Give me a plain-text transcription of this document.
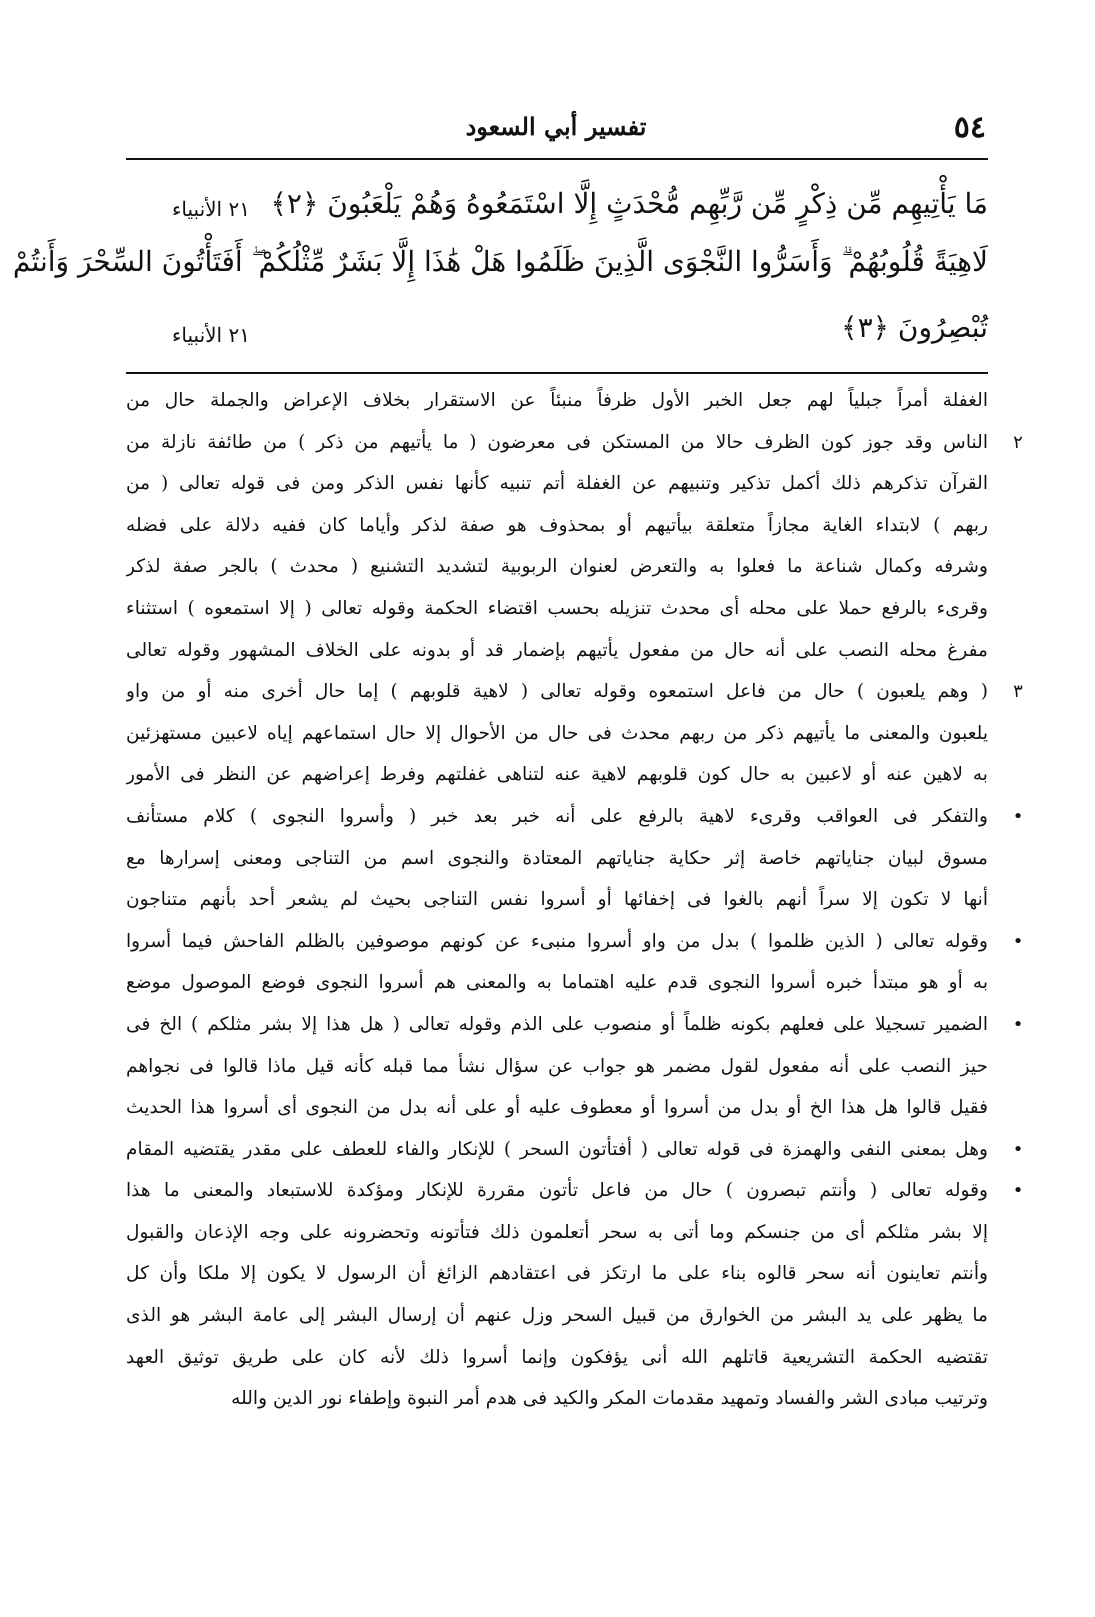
٥٤
تفسير أبي السعود
مَا يَأْتِيهِم مِّن ذِكْرٍ مِّن رَّبِّهِم مُّحْدَثٍ إِلَّا اسْتَمَعُوهُ وَهُمْ يَلْعَبُونَ ﴿٢﴾
٢١ الأنبياء
لَاهِيَةً قُلُوبُهُمْ ۗ وَأَسَرُّوا النَّجْوَى الَّذِينَ ظَلَمُوا هَلْ هَٰذَا إِلَّا بَشَرٌ مِّثْلُكُمْ ۖ أَفَتَأْتُونَ السِّحْرَ وَأَنتُمْ
تُبْصِرُونَ ﴿٣﴾
٢١ الأنبياء
الغفلة أمراً جبلياً لهم جعل الخبر الأول ظرفاً منبئاً عن الاستقرار بخلاف الإعراض والجملة حال من
الناس وقد جوز كون الظرف حالا من المستكن فى معرضون ( ما يأتيهم من ذكر ) من طائفة نازلة من
القرآن تذكرهم ذلك أكمل تذكير وتنبيهم عن الغفلة أتم تنبيه كأنها نفس الذكر ومن فى قوله تعالى ( من
ربهم ) لابتداء الغاية مجازاً متعلقة بيأتيهم أو بمحذوف هو صفة لذكر وأياما كان ففيه دلالة على فضله
وشرفه وكمال شناعة ما فعلوا به والتعرض لعنوان الربوبية لتشديد التشنيع ( محدث ) بالجر صفة لذكر
وقرىء بالرفع حملا على محله أى محدث تنزيله بحسب اقتضاء الحكمة وقوله تعالى ( إلا استمعوه ) استثناء
مفرغ محله النصب على أنه حال من مفعول يأتيهم بإضمار قد أو بدونه على الخلاف المشهور وقوله تعالى
( وهم يلعبون ) حال من فاعل استمعوه وقوله تعالى ( لاهية قلوبهم ) إما حال أخرى منه أو من واو
يلعبون والمعنى ما يأتيهم ذكر من ربهم محدث فى حال من الأحوال إلا حال استماعهم إياه لاعبين مستهزئين
به لاهين عنه أو لاعبين به حال كون قلوبهم لاهية عنه لتناهى غفلتهم وفرط إعراضهم عن النظر فى الأمور
والتفكر فى العواقب وقرىء لاهية بالرفع على أنه خبر بعد خبر ( وأسروا النجوى ) كلام مستأنف
مسوق لبيان جناياتهم خاصة إثر حكاية جناياتهم المعتادة والنجوى اسم من التناجى ومعنى إسرارها مع
أنها لا تكون إلا سراً أنهم بالغوا فى إخفائها أو أسروا نفس التناجى بحيث لم يشعر أحد بأنهم متناجون
وقوله تعالى ( الذين ظلموا ) بدل من واو أسروا منبىء عن كونهم موصوفين بالظلم الفاحش فيما أسروا
به أو هو مبتدأ خبره أسروا النجوى قدم عليه اهتماما به والمعنى هم أسروا النجوى فوضع الموصول موضع
الضمير تسجيلا على فعلهم بكونه ظلماً أو منصوب على الذم وقوله تعالى ( هل هذا إلا بشر مثلكم ) الخ فى
حيز النصب على أنه مفعول لقول مضمر هو جواب عن سؤال نشأ مما قبله كأنه قيل ماذا قالوا فى نجواهم
فقيل قالوا هل هذا الخ أو بدل من أسروا أو معطوف عليه أو على أنه بدل من النجوى أى أسروا هذا الحديث
وهل بمعنى النفى والهمزة فى قوله تعالى ( أفتأتون السحر ) للإنكار والفاء للعطف على مقدر يقتضيه المقام
وقوله تعالى ( وأنتم تبصرون ) حال من فاعل تأتون مقررة للإنكار ومؤكدة للاستبعاد والمعنى ما هذا
إلا بشر مثلكم أى من جنسكم وما أتى به سحر أتعلمون ذلك فتأتونه وتحضرونه على وجه الإذعان والقبول
وأنتم تعاينون أنه سحر قالوه بناء على ما ارتكز فى اعتقادهم الزائغ أن الرسول لا يكون إلا ملكا وأن كل
ما يظهر على يد البشر من الخوارق من قبيل السحر وزل عنهم أن إرسال البشر إلى عامة البشر هو الذى
تقتضيه الحكمة التشريعية قاتلهم الله أنى يؤفكون وإنما أسروا ذلك لأنه كان على طريق توثيق العهد
وترتيب مبادى الشر والفساد وتمهيد مقدمات المكر والكيد فى هدم أمر النبوة وإطفاء نور الدين والله
٢
٣
•
•
•
•
•
